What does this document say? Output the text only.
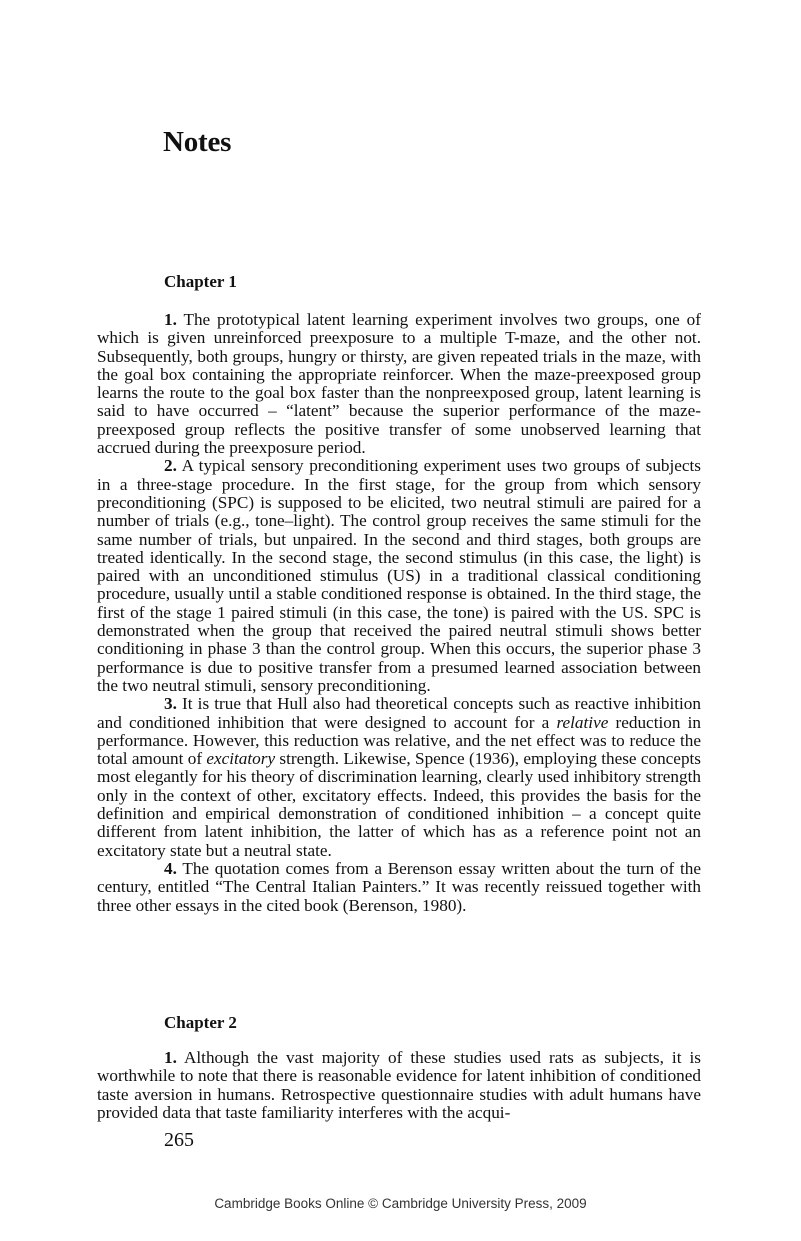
Notes
Chapter 1

1. The prototypical latent learning experiment involves two groups, one of which is given unreinforced preexposure to a multiple T-maze, and the other not. Subsequently, both groups, hungry or thirsty, are given repeated trials in the maze, with the goal box containing the appropriate reinforcer. When the maze-preexposed group learns the route to the goal box faster than the nonpreexposed group, latent learning is said to have occurred – “latent” because the superior performance of the maze-preexposed group reflects the positive transfer of some unobserved learning that accrued during the preexposure period.

2. A typical sensory preconditioning experiment uses two groups of subjects in a three-stage procedure. In the first stage, for the group from which sensory preconditioning (SPC) is supposed to be elicited, two neutral stimuli are paired for a number of trials (e.g., tone–light). The control group receives the same stimuli for the same number of trials, but unpaired. In the second and third stages, both groups are treated identically. In the second stage, the second stimulus (in this case, the light) is paired with an unconditioned stimulus (US) in a traditional classical conditioning procedure, usually until a stable conditioned response is obtained. In the third stage, the first of the stage 1 paired stimuli (in this case, the tone) is paired with the US. SPC is demonstrated when the group that received the paired neutral stimuli shows better conditioning in phase 3 than the control group. When this occurs, the superior phase 3 performance is due to positive transfer from a presumed learned association between the two neutral stimuli, sensory preconditioning.

3. It is true that Hull also had theoretical concepts such as reactive inhibition and conditioned inhibition that were designed to account for a relative reduction in performance. However, this reduction was relative, and the net effect was to reduce the total amount of excitatory strength. Likewise, Spence (1936), employing these concepts most elegantly for his theory of discrimination learning, clearly used inhibitory strength only in the context of other, excitatory effects. Indeed, this provides the basis for the definition and empirical demonstration of conditioned inhibition – a concept quite different from latent inhibition, the latter of which has as a reference point not an excitatory state but a neutral state.

4. The quotation comes from a Berenson essay written about the turn of the century, entitled “The Central Italian Painters.” It was recently reissued together with three other essays in the cited book (Berenson, 1980).

Chapter 2

1. Although the vast majority of these studies used rats as subjects, it is worthwhile to note that there is reasonable evidence for latent inhibition of conditioned taste aversion in humans. Retrospective questionnaire studies with adult humans have provided data that taste familiarity interferes with the acqui-

265
Cambridge Books Online © Cambridge University Press, 2009
